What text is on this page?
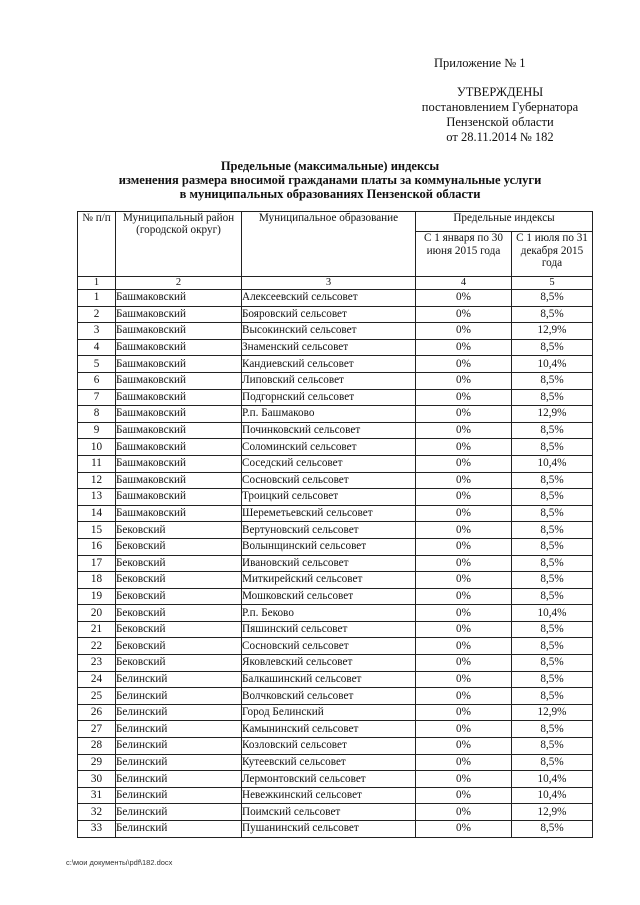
Приложение № 1
УТВЕРЖДЕНЫ
постановлением Губернатора
Пензенской области
от 28.11.2014 № 182
Предельные (максимальные) индексы
изменения размера вносимой гражданами платы за коммунальные услуги
в муниципальных образованиях Пензенской области
№ п/п	Муниципальный район (городской округ)	Муниципальное образование	Предельные индексы	
			С 1 января по 30 июня 2015 года	С 1 июля по 31 декабря 2015 года
1	2	3	4	5
1	Башмаковский	Алексеевский сельсовет	0%	8,5%
2	Башмаковский	Бояровский сельсовет	0%	8,5%
3	Башмаковский	Высокинский сельсовет	0%	12,9%
4	Башмаковский	Знаменский сельсовет	0%	8,5%
5	Башмаковский	Кандиевский сельсовет	0%	10,4%
6	Башмаковский	Липовский сельсовет	0%	8,5%
7	Башмаковский	Подгорнский сельсовет	0%	8,5%
8	Башмаковский	Р.п. Башмаково	0%	12,9%
9	Башмаковский	Починковский сельсовет	0%	8,5%
10	Башмаковский	Соломинский сельсовет	0%	8,5%
11	Башмаковский	Соседский сельсовет	0%	10,4%
12	Башмаковский	Сосновский сельсовет	0%	8,5%
13	Башмаковский	Троицкий сельсовет	0%	8,5%
14	Башмаковский	Шереметьевский сельсовет	0%	8,5%
15	Бековский	Вертуновский сельсовет	0%	8,5%
16	Бековский	Волынщинский сельсовет	0%	8,5%
17	Бековский	Ивановский сельсовет	0%	8,5%
18	Бековский	Миткирейский сельсовет	0%	8,5%
19	Бековский	Мошковский сельсовет	0%	8,5%
20	Бековский	Р.п. Бековo	0%	10,4%
21	Бековский	Пяшинский сельсовет	0%	8,5%
22	Бековский	Сосновский сельсовет	0%	8,5%
23	Бековский	Яковлевский сельсовет	0%	8,5%
24	Белинский	Балкашинский сельсовет	0%	8,5%
25	Белинский	Волчковский сельсовет	0%	8,5%
26	Белинский	Город Белинский	0%	12,9%
27	Белинский	Камынинский сельсовет	0%	8,5%
28	Белинский	Козловский сельсовет	0%	8,5%
29	Белинский	Кутеевский сельсовет	0%	8,5%
30	Белинский	Лермонтовский сельсовет	0%	10,4%
31	Белинский	Невежкинский сельсовет	0%	10,4%
32	Белинский	Поимский сельсовет	0%	12,9%
33	Белинский	Пушанинский сельсовет	0%	8,5%
c:\мои документы\pdf\182.docx
